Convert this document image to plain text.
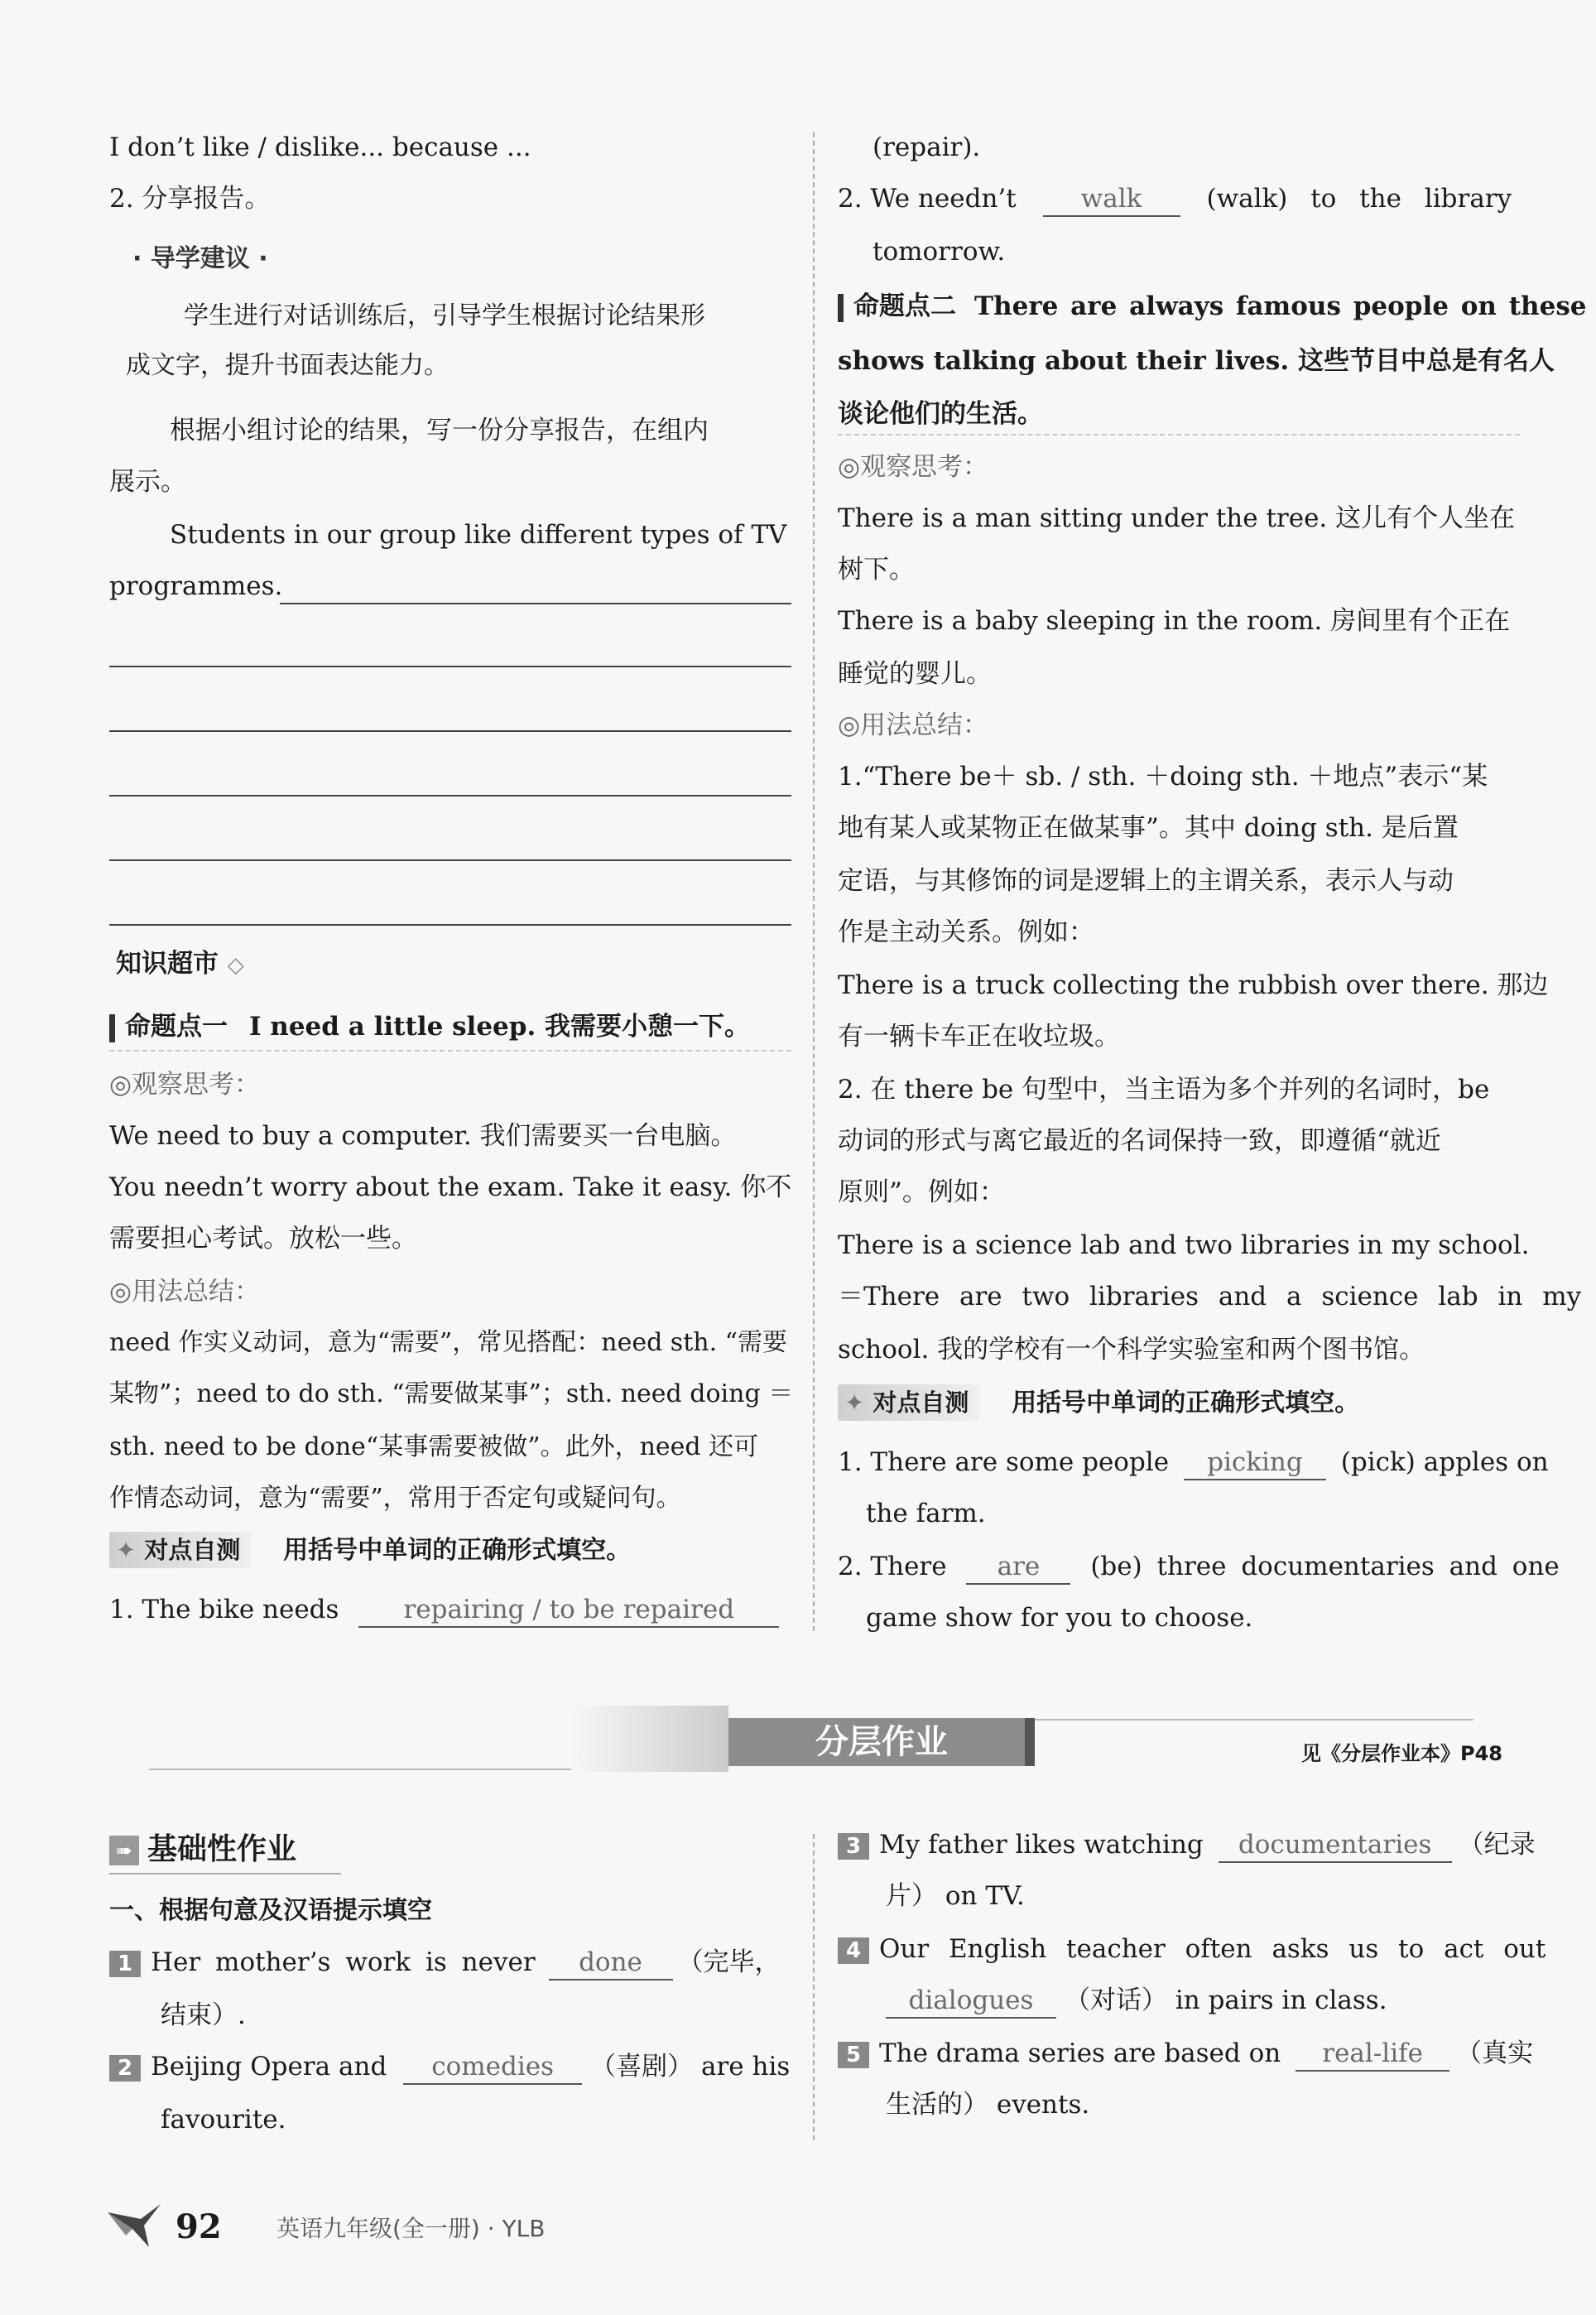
I don’t like / dislike... because ...
2. 分享报告。
· 导学建议 ·
学生进行对话训练后，引导学生根据讨论结果形
成文字，提升书面表达能力。
根据小组讨论的结果，写一份分享报告，在组内
展示。
Students in our group like different types of TV
programmes.
知识超市 ◇
命题点一 I need a little sleep. 我需要小憩一下。
◎观察思考：
We need to buy a computer. 我们需要买一台电脑。
You needn’t worry about the exam. Take it easy. 你不
需要担心考试。放松一些。
◎用法总结：
need 作实义动词，意为“需要”，常见搭配：need sth. “需要
某物”；need to do sth. “需要做某事”；sth. need doing ＝
sth. need to be done“某事需要被做”。此外，need 还可
作情态动词，意为“需要”，常用于否定句或疑问句。
✦ 对点自测 用括号中单词的正确形式填空。
1. The bike needs	repairing / to be repaired
(repair).
2. We needn’t	walk	(walk) to the library
tomorrow.
命题点二 There are always famous people on these
shows talking about their lives. 这些节目中总是有名人
谈论他们的生活。
◎观察思考：
There is a man sitting under the tree. 这儿有个人坐在
树下。
There is a baby sleeping in the room. 房间里有个正在
睡觉的婴儿。
◎用法总结：
1.“There be＋ sb. / sth. ＋doing sth. ＋地点”表示“某
地有某人或某物正在做某事”。其中 doing sth. 是后置
定语，与其修饰的词是逻辑上的主谓关系，表示人与动
作是主动关系。例如：
There is a truck collecting the rubbish over there. 那边
有一辆卡车正在收垃圾。
2. 在 there be 句型中，当主语为多个并列的名词时，be
动词的形式与离它最近的名词保持一致，即遵循“就近
原则”。例如：
There is a science lab and two libraries in my school.
＝There are two libraries and a science lab in my
school. 我的学校有一个科学实验室和两个图书馆。
✦ 对点自测 用括号中单词的正确形式填空。
1. There are some people picking (pick) apples on
the farm.
2. There are (be) three documentaries and one
game show for you to choose.
分层作业	见《分层作业本》P48
➠ 基础性作业
一、根据句意及汉语提示填空
1 Her mother’s work is never done （完毕，
结束）.
2 Beijing Opera and comedies （喜剧） are his
favourite.
3 My father likes watching documentaries （纪录
片） on TV.
4 Our English teacher often asks us to act out
dialogues （对话） in pairs in class.
5 The drama series are based on real-life （真实
生活的） events.
92 英语九年级(全一册) · YLB
